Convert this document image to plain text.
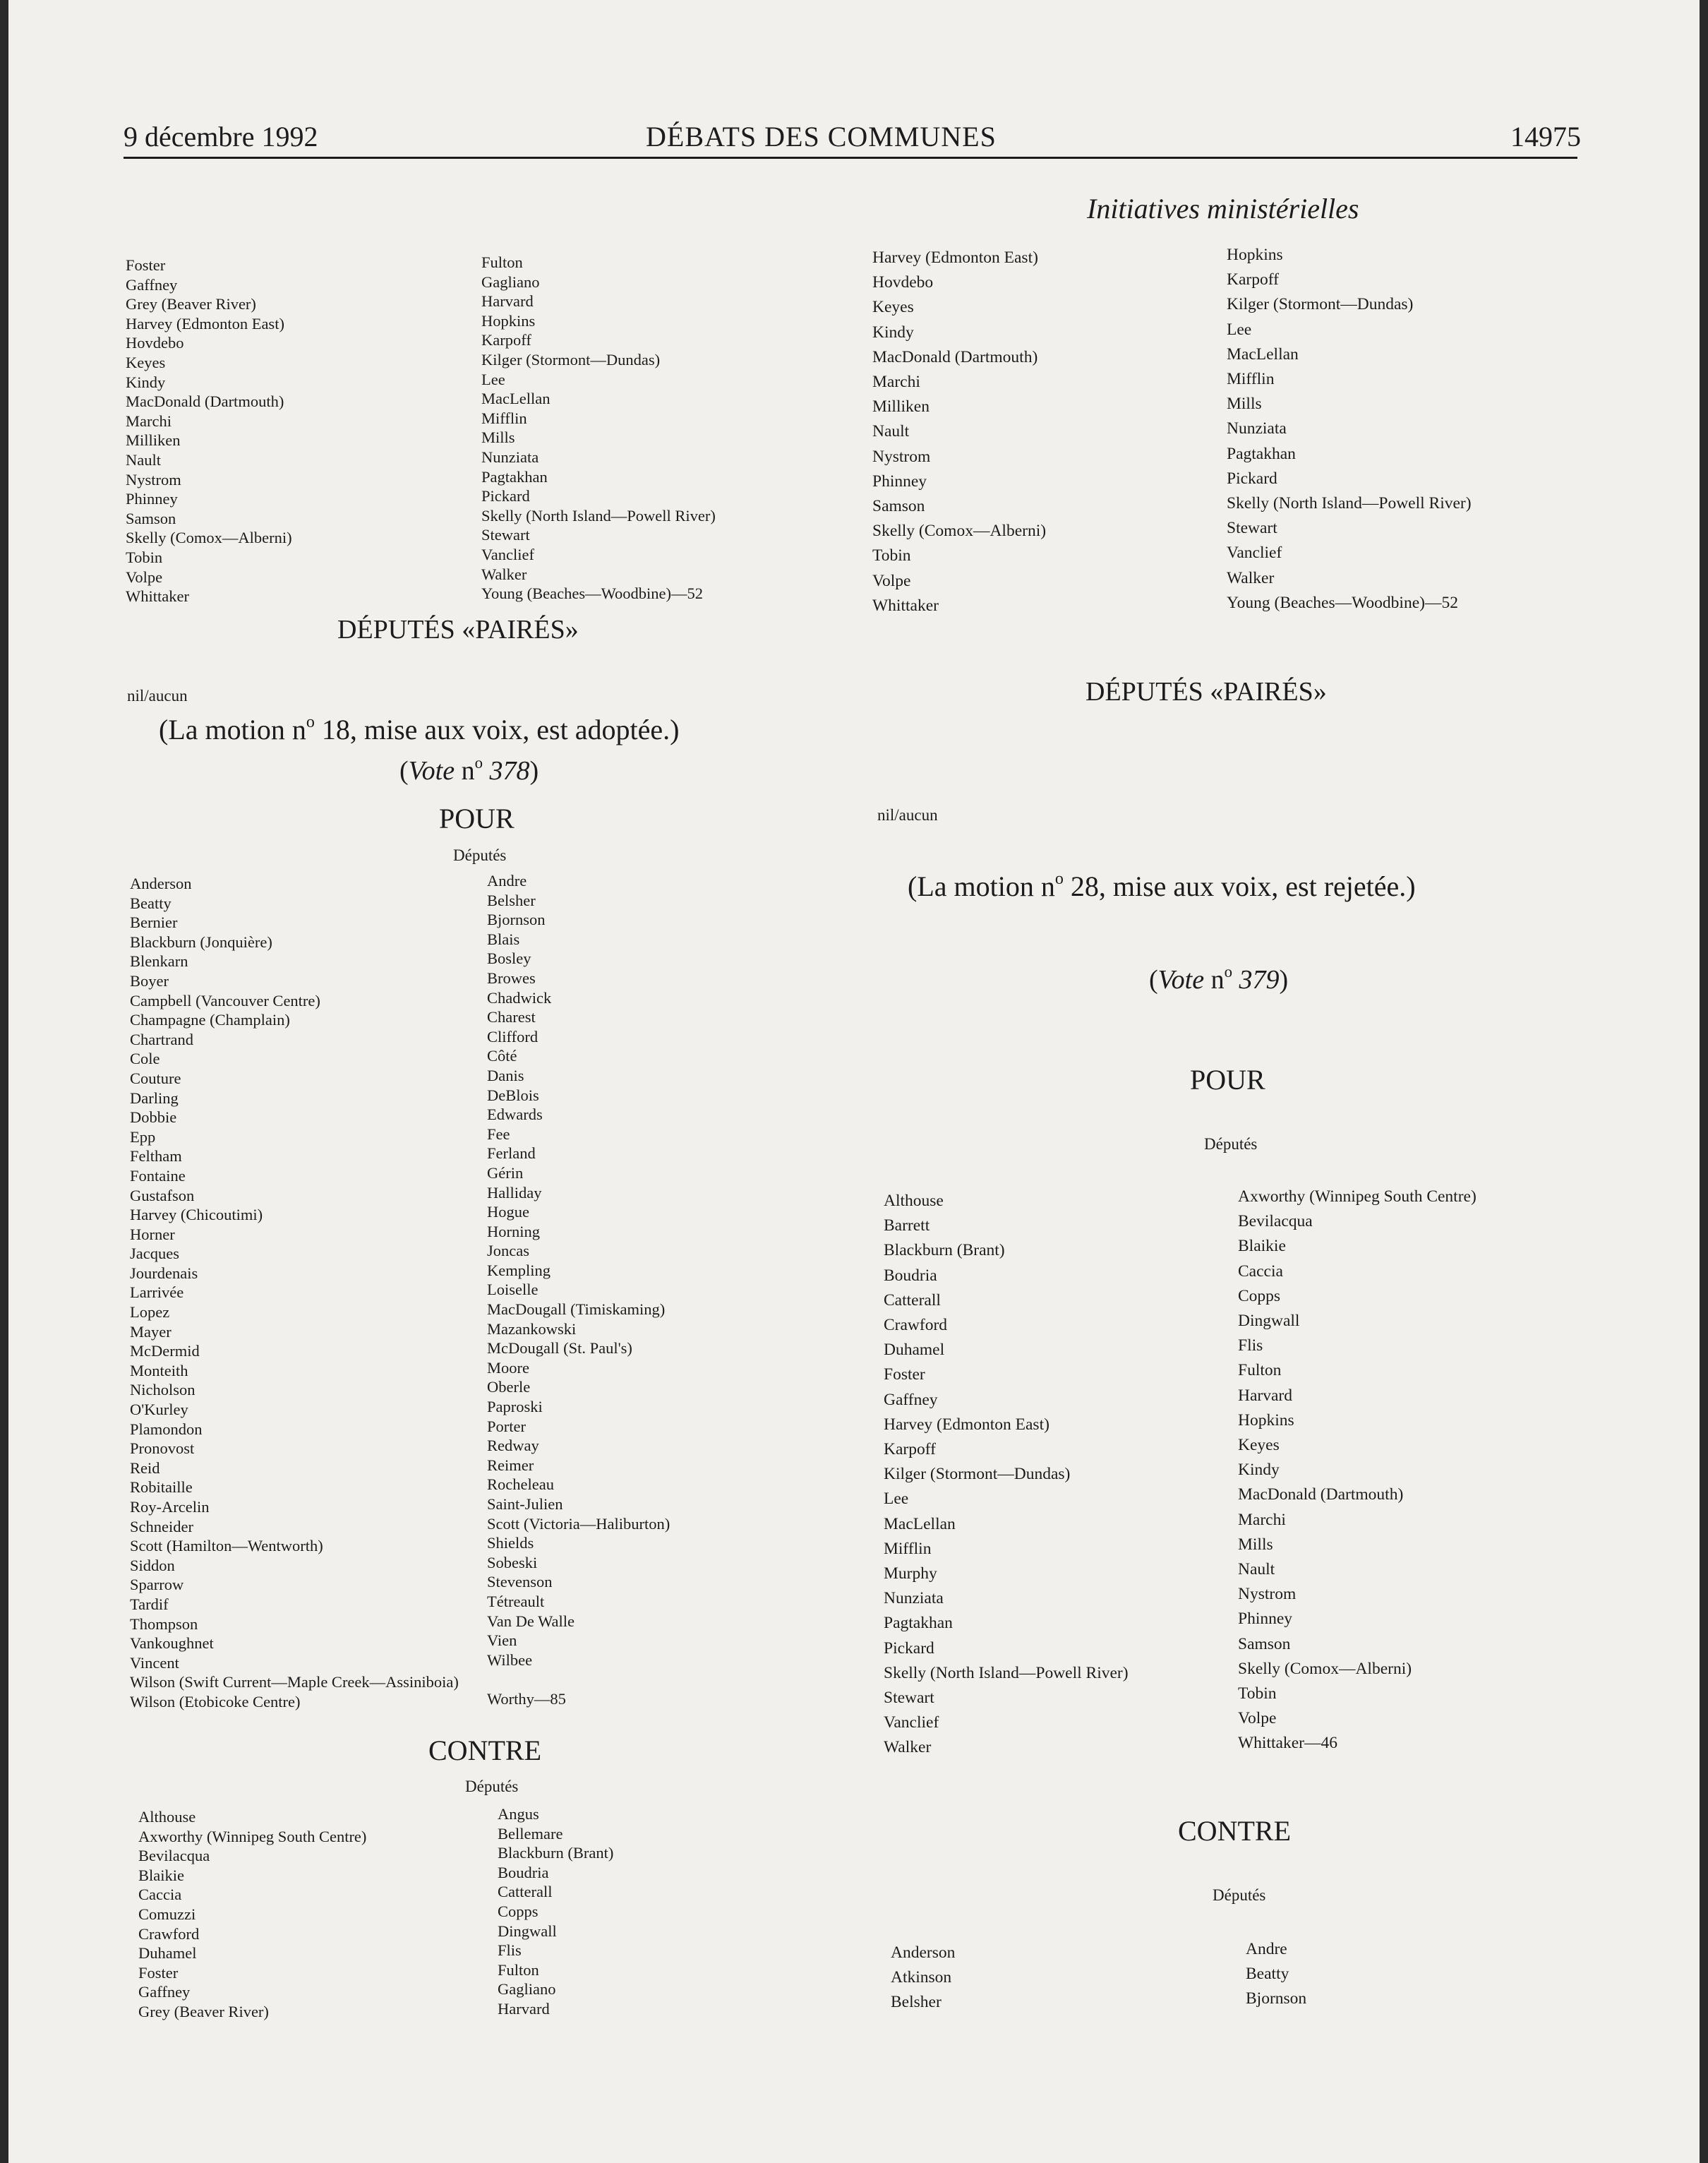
9 décembre 1992	DÉBATS DES COMMUNES	14975
Initiatives ministérielles
Foster
Gaffney
Grey (Beaver River)
Harvey (Edmonton East)
Hovdebo
Keyes
Kindy
MacDonald (Dartmouth)
Marchi
Milliken
Nault
Nystrom
Phinney
Samson
Skelly (Comox—Alberni)
Tobin
Volpe
Whittaker
Fulton
Gagliano
Harvard
Hopkins
Karpoff
Kilger (Stormont—Dundas)
Lee
MacLellan
Mifflin
Mills
Nunziata
Pagtakhan
Pickard
Skelly (North Island—Powell River)
Stewart
Vanclief
Walker
Young (Beaches—Woodbine)—52
DÉPUTÉS «PAIRÉS»
nil/aucun
(La motion $n^o$ 18, mise aux voix, est adoptée.)
(Vote $n^o$ 378)
POUR
Députés
Anderson
Beatty
Bernier
Blackburn (Jonquière)
Blenkarn
Boyer
Campbell (Vancouver Centre)
Champagne (Champlain)
Chartrand
Cole
Couture
Darling
Dobbie
Epp
Feltham
Fontaine
Gustafson
Harvey (Chicoutimi)
Horner
Jacques
Jourdenais
Larrivée
Lopez
Mayer
McDermid
Monteith
Nicholson
O'Kurley
Plamondon
Pronovost
Reid
Robitaille
Roy-Arcelin
Schneider
Scott (Hamilton—Wentworth)
Siddon
Sparrow
Tardif
Thompson
Vankoughnet
Vincent
Wilson (Swift Current—Maple Creek—Assiniboia)
Wilson (Etobicoke Centre)
Andre
Belsher
Bjornson
Blais
Bosley
Browes
Chadwick
Charest
Clifford
Côté
Danis
DeBlois
Edwards
Fee
Ferland
Gérin
Halliday
Hogue
Horning
Joncas
Kempling
Loiselle
MacDougall (Timiskaming)
Mazankowski
McDougall (St. Paul's)
Moore
Oberle
Paproski
Porter
Redway
Reimer
Rocheleau
Saint-Julien
Scott (Victoria—Haliburton)
Shields
Sobeski
Stevenson
Tétreault
Van De Walle
Vien
Wilbee

Worthy—85
CONTRE
Députés
Althouse
Axworthy (Winnipeg South Centre)
Bevilacqua
Blaikie
Caccia
Comuzzi
Crawford
Duhamel
Foster
Gaffney
Grey (Beaver River)
Angus
Bellemare
Blackburn (Brant)
Boudria
Catterall
Copps
Dingwall
Flis
Fulton
Gagliano
Harvard
Harvey (Edmonton East)
Hovdebo
Keyes
Kindy
MacDonald (Dartmouth)
Marchi
Milliken
Nault
Nystrom
Phinney
Samson
Skelly (Comox—Alberni)
Tobin
Volpe
Whittaker
Hopkins
Karpoff
Kilger (Stormont—Dundas)
Lee
MacLellan
Mifflin
Mills
Nunziata
Pagtakhan
Pickard
Skelly (North Island—Powell River)
Stewart
Vanclief
Walker
Young (Beaches—Woodbine)—52
DÉPUTÉS «PAIRÉS»
nil/aucun
(La motion $n^o$ 28, mise aux voix, est rejetée.)
(Vote $n^o$ 379)
POUR
Députés
Althouse
Barrett
Blackburn (Brant)
Boudria
Catterall
Crawford
Duhamel
Foster
Gaffney
Harvey (Edmonton East)
Karpoff
Kilger (Stormont—Dundas)
Lee
MacLellan
Mifflin
Murphy
Nunziata
Pagtakhan
Pickard
Skelly (North Island—Powell River)
Stewart
Vanclief
Walker
Axworthy (Winnipeg South Centre)
Bevilacqua
Blaikie
Caccia
Copps
Dingwall
Flis
Fulton
Harvard
Hopkins
Keyes
Kindy
MacDonald (Dartmouth)
Marchi
Mills
Nault
Nystrom
Phinney
Samson
Skelly (Comox—Alberni)
Tobin
Volpe
Whittaker—46
CONTRE
Députés
Anderson
Atkinson
Belsher
Andre
Beatty
Bjornson
